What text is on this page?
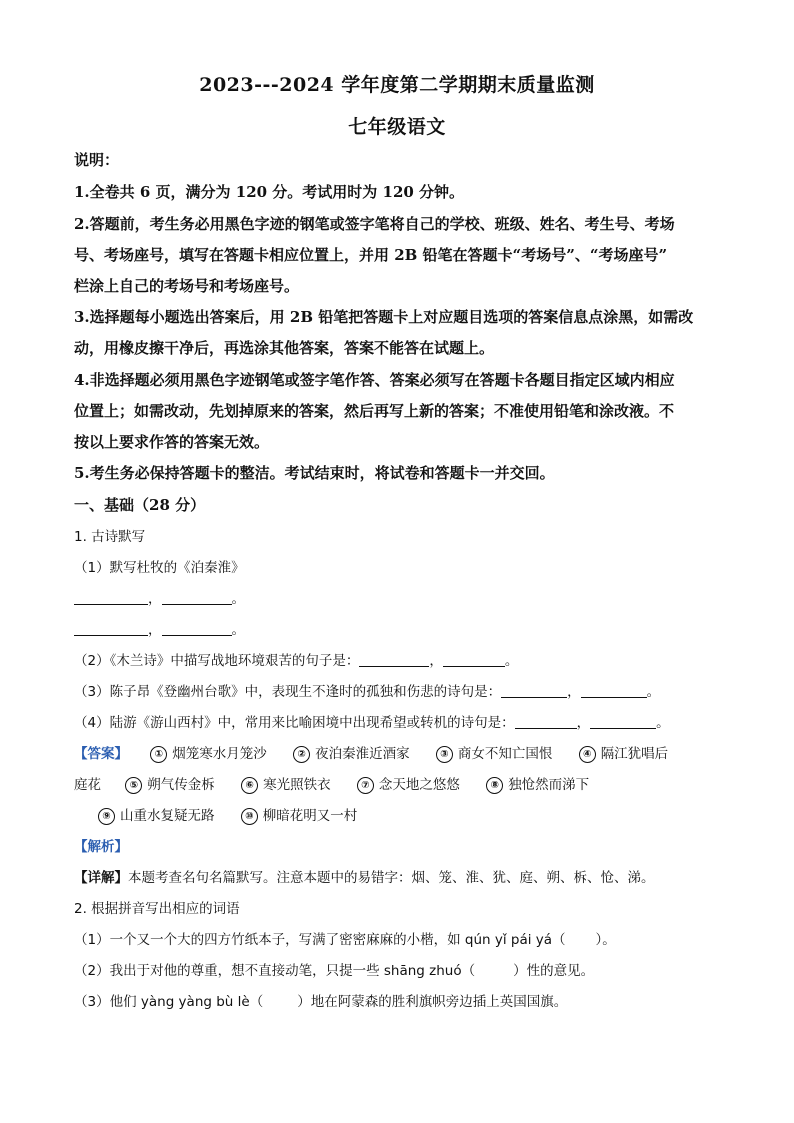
2023---2024 学年度第二学期期末质量监测
七年级语文
说明：
1.全卷共 6 页，满分为 120 分。考试用时为 120 分钟。
2.答题前，考生务必用黑色字迹的钢笔或签字笔将自己的学校、班级、姓名、考生号、考场
号、考场座号，填写在答题卡相应位置上，并用 2B 铅笔在答题卡“考场号”、“考场座号”
栏涂上自己的考场号和考场座号。
3.选择题每小题选出答案后，用 2B 铅笔把答题卡上对应题目选项的答案信息点涂黑，如需改
动，用橡皮擦干净后，再选涂其他答案，答案不能答在试题上。
4.非选择题必须用黑色字迹钢笔或签字笔作答、答案必须写在答题卡各题目指定区域内相应
位置上；如需改动，先划掉原来的答案，然后再写上新的答案；不准使用铅笔和涂改液。不
按以上要求作答的答案无效。
5.考生务必保持答题卡的整洁。考试结束时，将试卷和答题卡一并交回。
一、基础（28 分）
1. 古诗默写
（1）默写杜牧的《泊秦淮》
，	。
，	。
（2）《木兰诗》中描写战地环境艰苦的句子是：	，	。
（3）陈子昂《登幽州台歌》中，表现生不逢时的孤独和伤悲的诗句是：	，	。
（4）陆游《游山西村》中，常用来比喻困境中出现希望或转机的诗句是：	，	。
【答案】	① 烟笼寒水月笼沙	② 夜泊秦淮近酒家	③ 商女不知亡国恨	④ 隔江犹唱后
庭花	⑤ 朔气传金柝	⑥ 寒光照铁衣	⑦ 念天地之悠悠	⑧ 独怆然而涕下
⑨ 山重水复疑无路	⑩ 柳暗花明又一村
【解析】
【详解】本题考查名句名篇默写。注意本题中的易错字：烟、笼、淮、犹、庭、朔、柝、怆、涕。
2. 根据拼音写出相应的词语
（1）一个又一个大的四方竹纸本子，写满了密密麻麻的小楷，如 qún yǐ pái yá（ ）。
（2）我出于对他的尊重，想不直接动笔，只提一些 shāng zhuó（	）性的意见。
（3）他们 yàng yàng bù lè（	）地在阿蒙森的胜利旗帜旁边插上英国国旗。
